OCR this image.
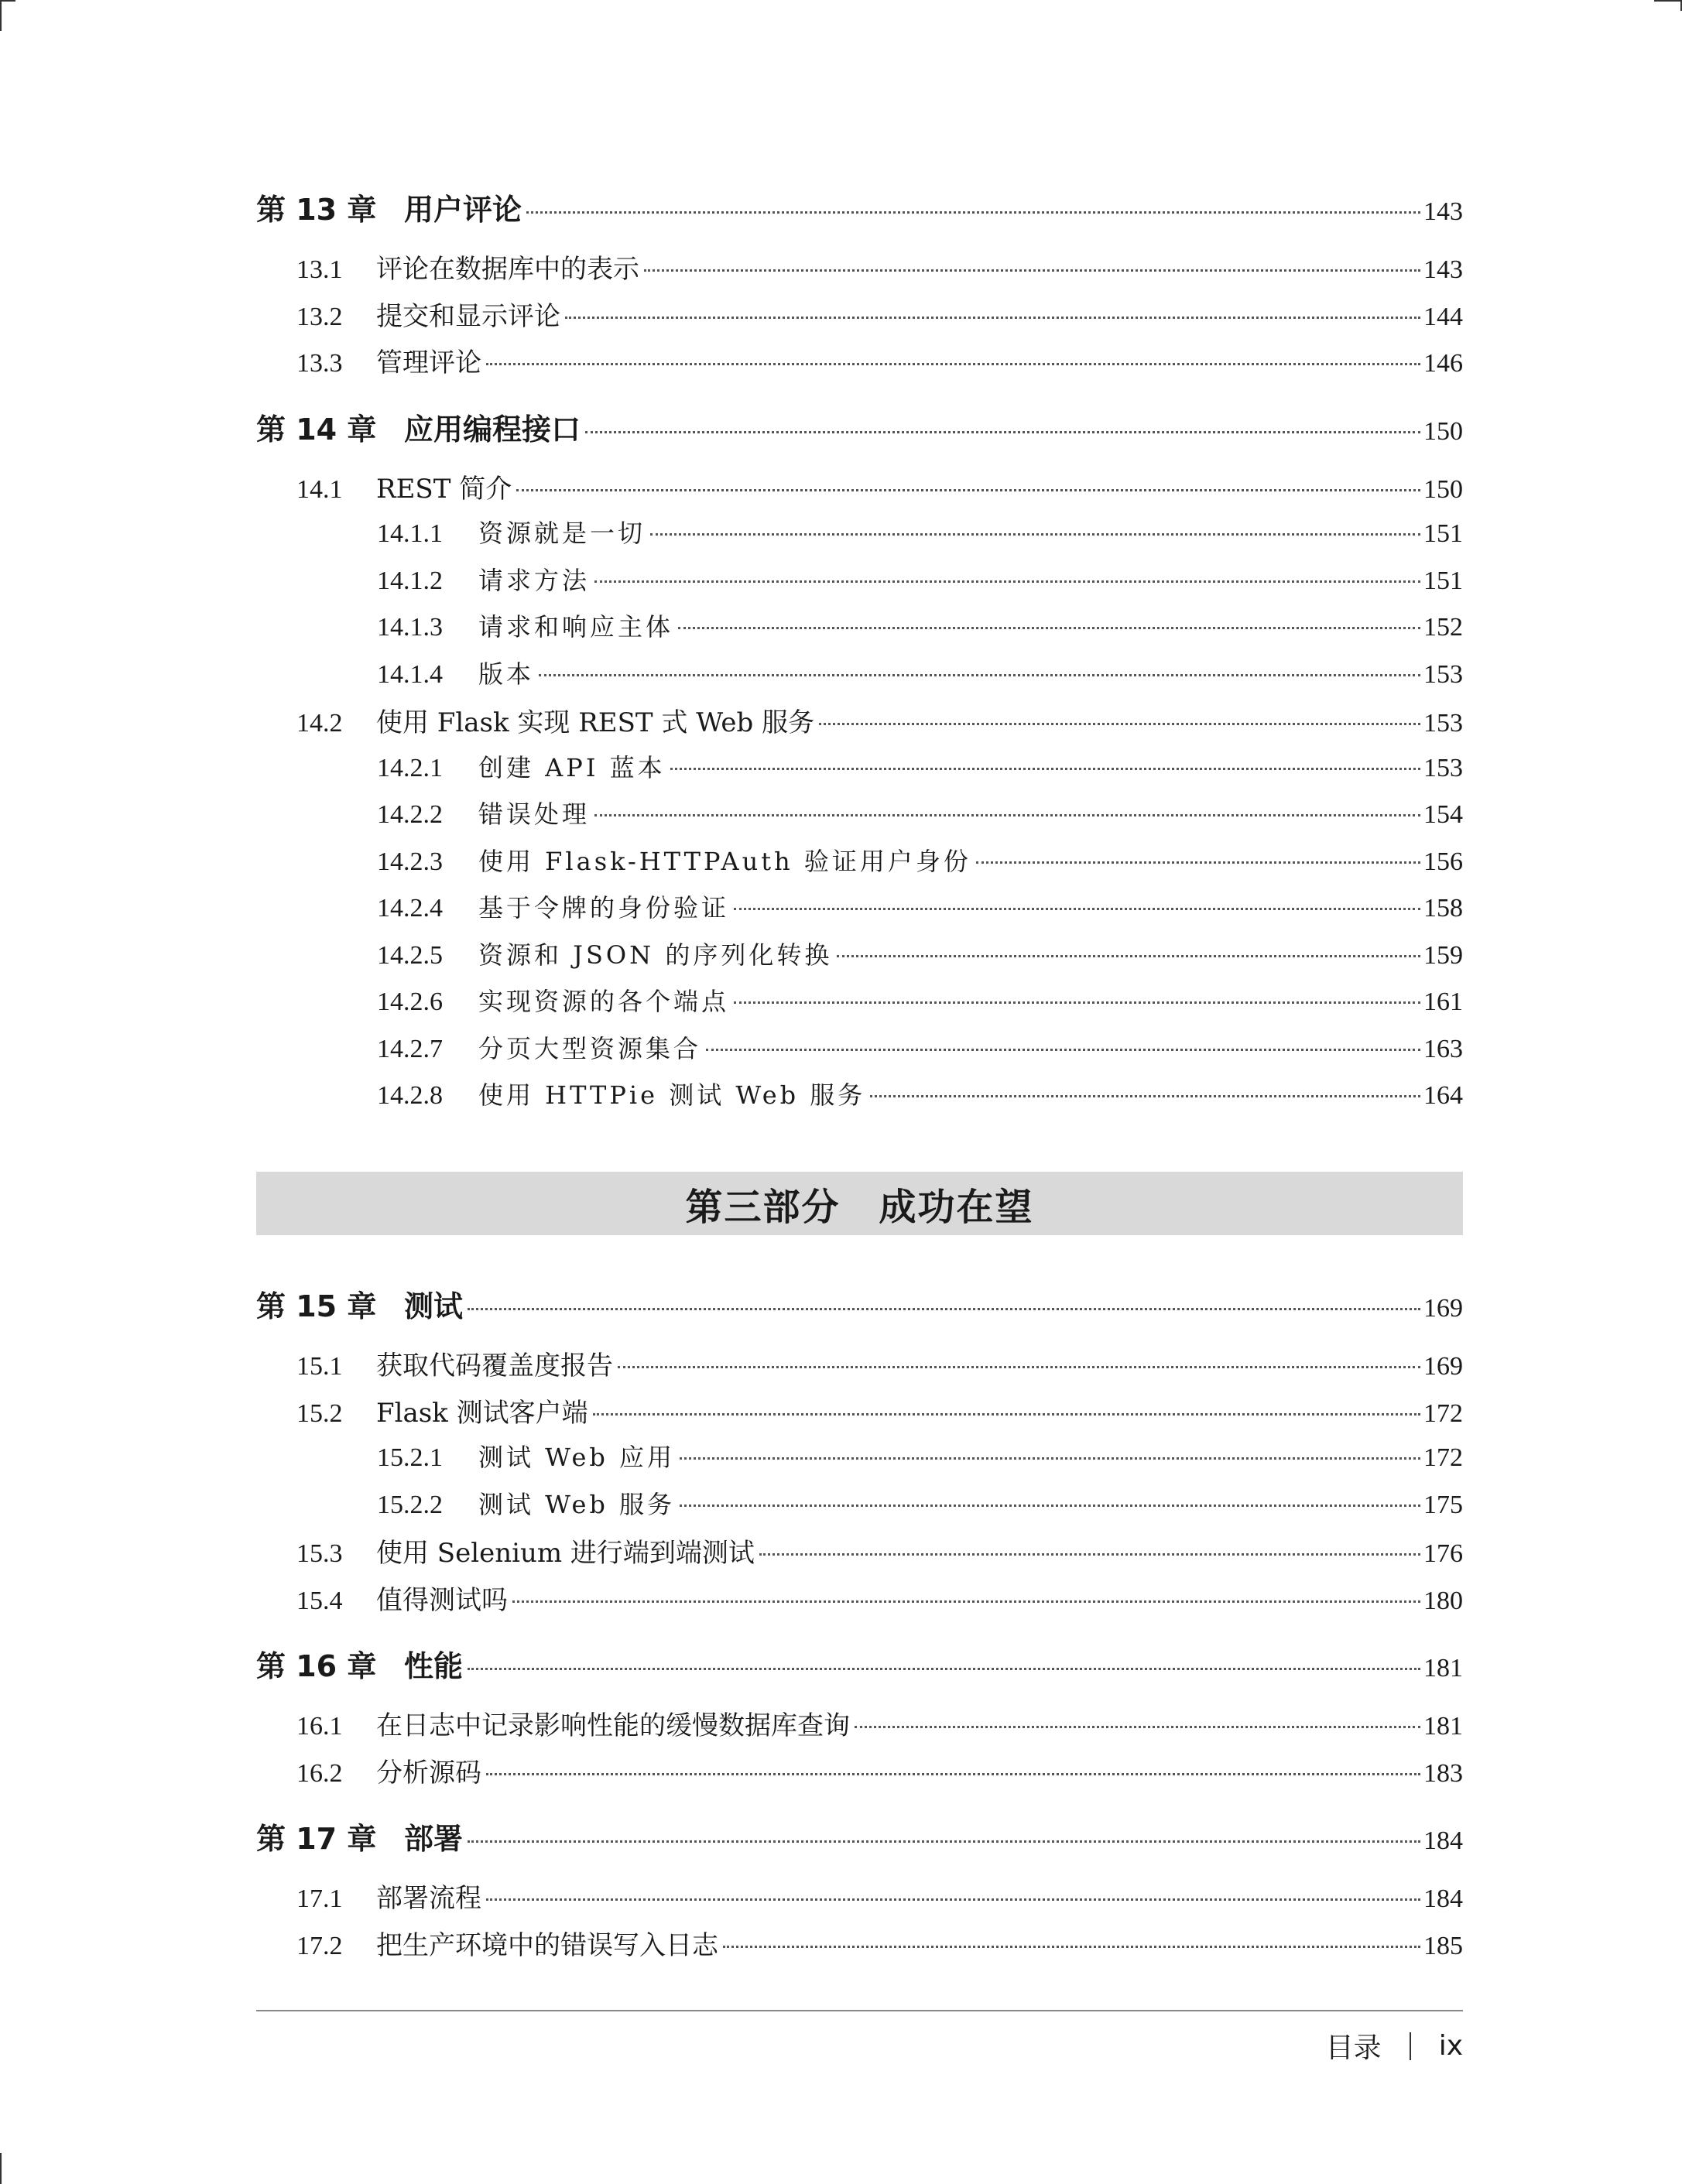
第 13 章 用户评论	143
13.1	评论在数据库中的表示	143
13.2	提交和显示评论	144
13.3	管理评论	146
第 14 章 应用编程接口	150
14.1	REST 简介	150
14.1.1	资源就是一切	151
14.1.2	请求方法	151
14.1.3	请求和响应主体	152
14.1.4	版本	153
14.2	使用 Flask 实现 REST 式 Web 服务	153
14.2.1	创建 API 蓝本	153
14.2.2	错误处理	154
14.2.3	使用 Flask-HTTPAuth 验证用户身份	156
14.2.4	基于令牌的身份验证	158
14.2.5	资源和 JSON 的序列化转换	159
14.2.6	实现资源的各个端点	161
14.2.7	分页大型资源集合	163
14.2.8	使用 HTTPie 测试 Web 服务	164
第三部分　成功在望
第 15 章 测试	169
15.1	获取代码覆盖度报告	169
15.2	Flask 测试客户端	172
15.2.1	测试 Web 应用	172
15.2.2	测试 Web 服务	175
15.3	使用 Selenium 进行端到端测试	176
15.4	值得测试吗	180
第 16 章 性能	181
16.1	在日志中记录影响性能的缓慢数据库查询	181
16.2	分析源码	183
第 17 章 部署	184
17.1	部署流程	184
17.2	把生产环境中的错误写入日志	185
目录 ix
